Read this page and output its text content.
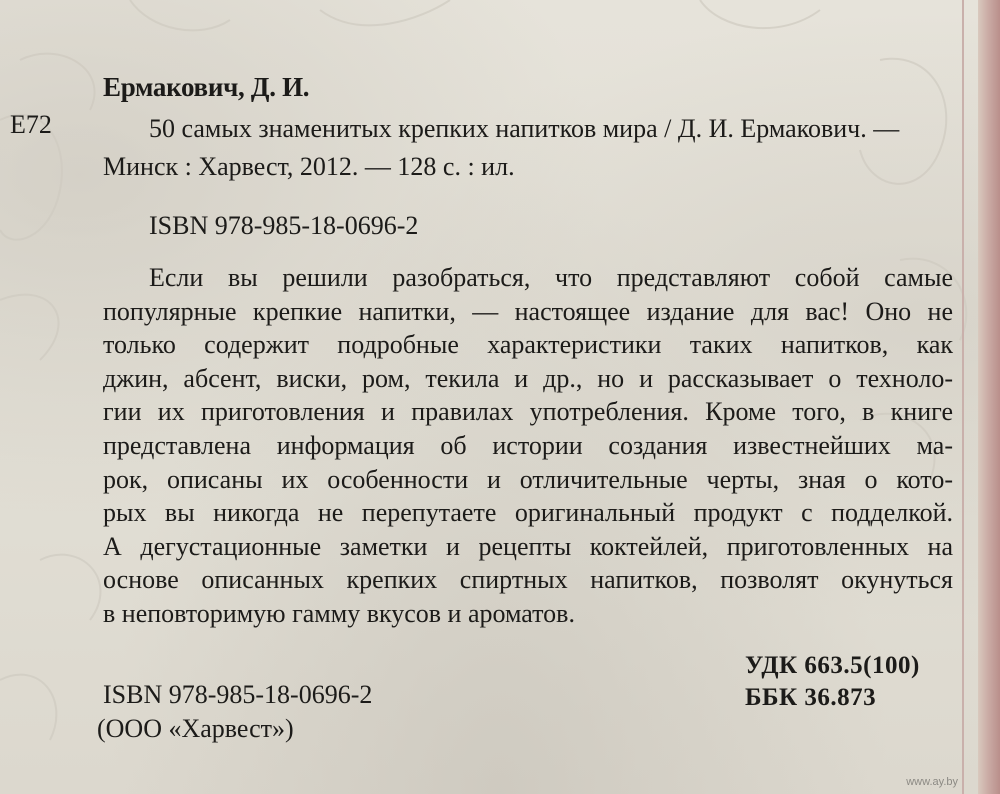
Ермакович, Д. И.
Е72	50 самых знаменитых крепких напитков мира / Д. И. Ермакович. — Минск : Харвест, 2012. — 128 с. : ил.
ISBN 978-985-18-0696-2
Если вы решили разобраться, что представляют собой самые
популярные крепкие напитки, — настоящее издание для вас! Оно не
только содержит подробные характеристики таких напитков, как
джин, абсент, виски, ром, текила и др., но и рассказывает о техноло-
гии их приготовления и правилах употребления. Кроме того, в книге
представлена информация об истории создания известнейших ма-
рок, описаны их особенности и отличительные черты, зная о кото-
рых вы никогда не перепутаете оригинальный продукт с подделкой.
А дегустационные заметки и рецепты коктейлей, приготовленных на
основе описанных крепких спиртных напитков, позволят окунуться
в неповторимую гамму вкусов и ароматов.
УДК 663.5(100)
ББК 36.873
ISBN 978-985-18-0696-2
(ООО «Харвест»)
www.ay.by
